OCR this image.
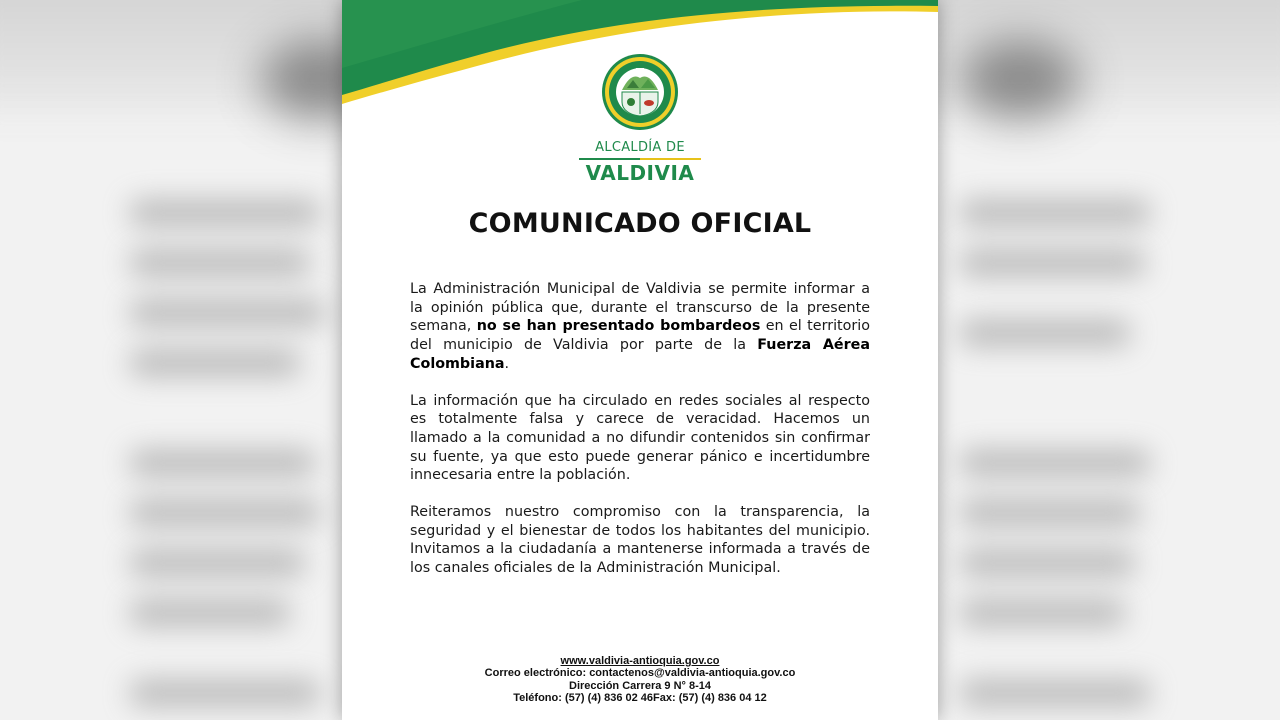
ALCALDÍA DE
VALDIVIA
COMUNICADO OFICIAL

La Administración Municipal de Valdivia se permite informar a la opinión pública que, durante el transcurso de la presente semana, no se han presentado bombardeos en el territorio del municipio de Valdivia por parte de la Fuerza Aérea Colombiana.

La información que ha circulado en redes sociales al respecto es totalmente falsa y carece de veracidad. Hacemos un llamado a la comunidad a no difundir contenidos sin confirmar su fuente, ya que esto puede generar pánico e incertidumbre innecesaria entre la población.

Reiteramos nuestro compromiso con la transparencia, la seguridad y el bienestar de todos los habitantes del municipio. Invitamos a la ciudadanía a mantenerse informada a través de los canales oficiales de la Administración Municipal.

www.valdivia-antioquia.gov.co
Correo electrónico: contactenos@valdivia-antioquia.gov.co
Dirección Carrera 9 N° 8-14
Teléfono: (57) (4) 836 02 46Fax: (57) (4) 836 04 12
